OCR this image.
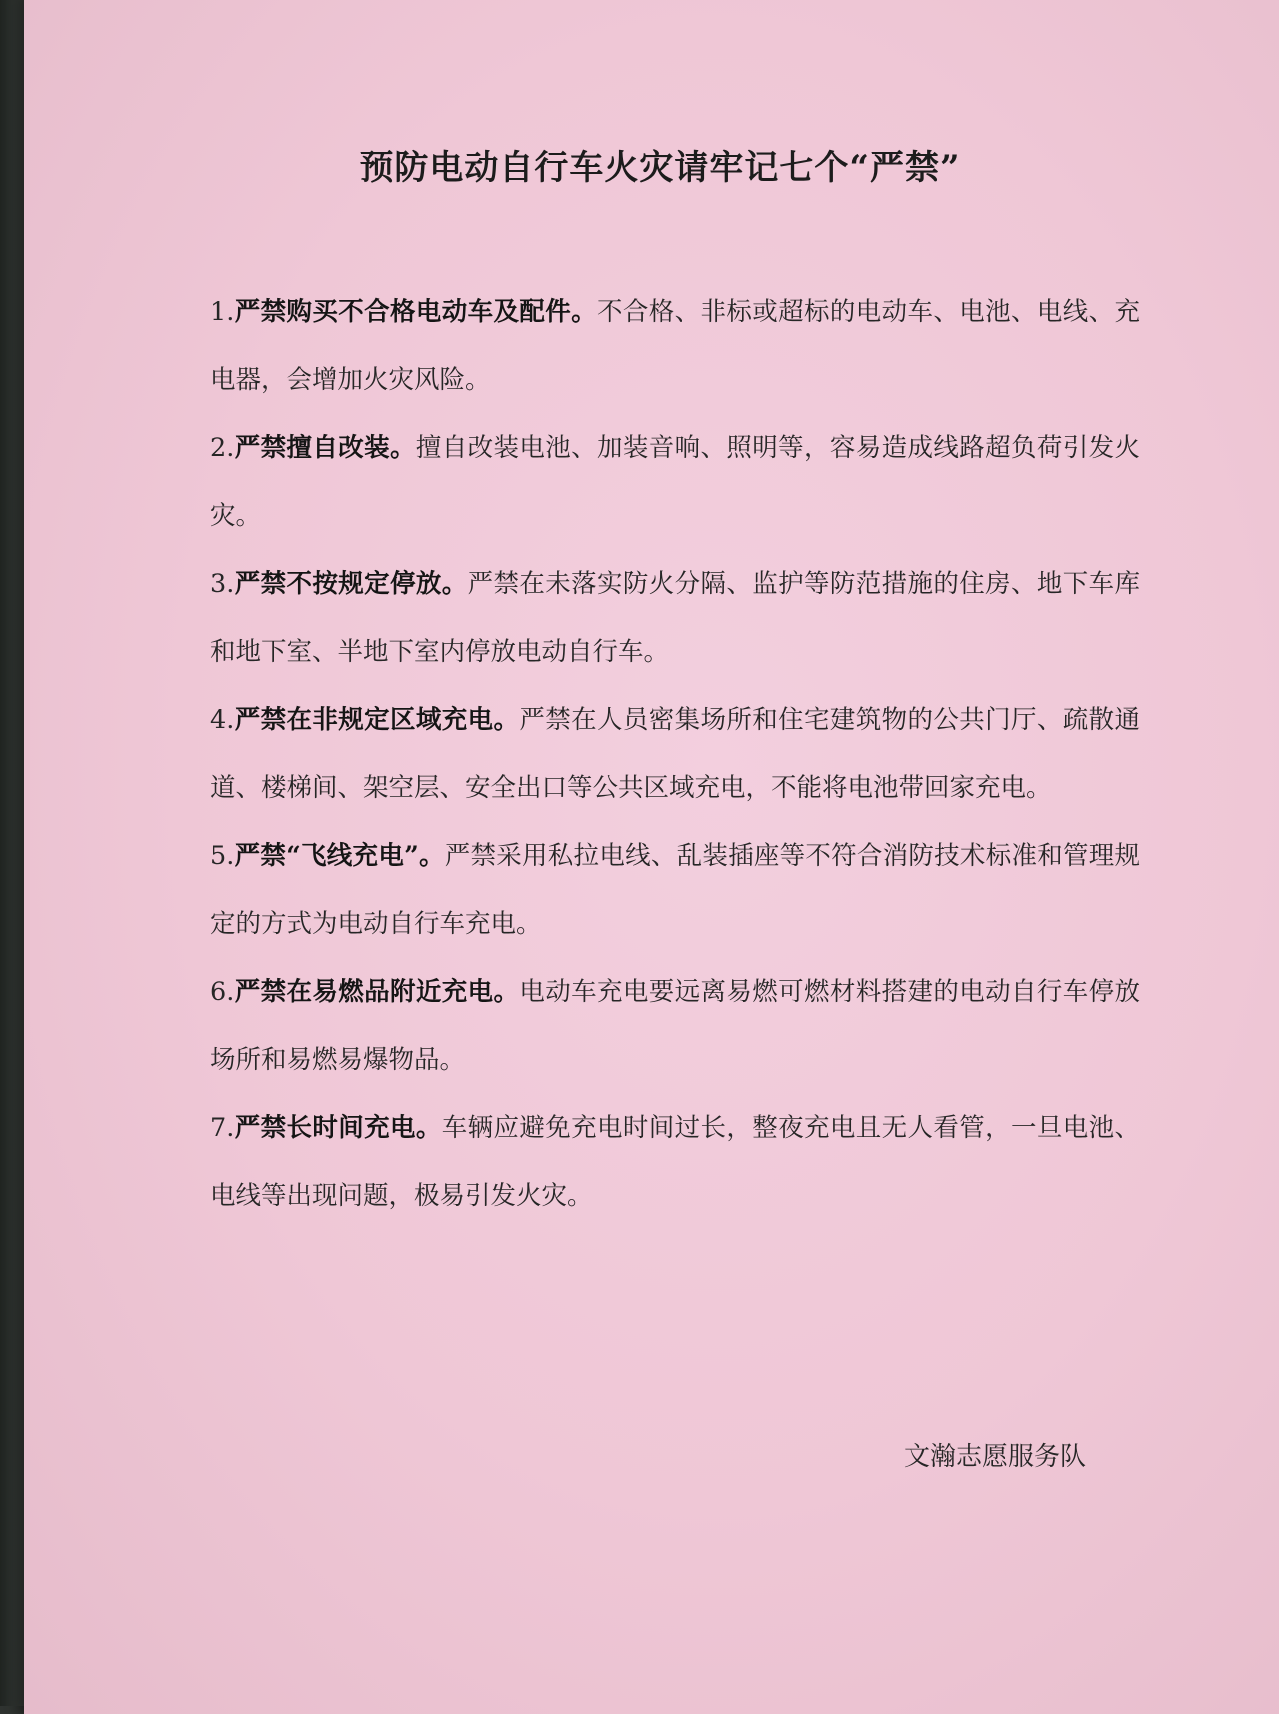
预防电动自行车火灾请牢记七个“严禁”
1.严禁购买不合格电动车及配件。不合格、非标或超标的电动车、电池、电线、充电器，会增加火灾风险。
2.严禁擅自改装。擅自改装电池、加装音响、照明等，容易造成线路超负荷引发火灾。
3.严禁不按规定停放。严禁在未落实防火分隔、监护等防范措施的住房、地下车库和地下室、半地下室内停放电动自行车。
4.严禁在非规定区域充电。严禁在人员密集场所和住宅建筑物的公共门厅、疏散通道、楼梯间、架空层、安全出口等公共区域充电，不能将电池带回家充电。
5.严禁“飞线充电”。严禁采用私拉电线、乱装插座等不符合消防技术标准和管理规定的方式为电动自行车充电。
6.严禁在易燃品附近充电。电动车充电要远离易燃可燃材料搭建的电动自行车停放场所和易燃易爆物品。
7.严禁长时间充电。车辆应避免充电时间过长，整夜充电且无人看管，一旦电池、电线等出现问题，极易引发火灾。

文瀚志愿服务队
